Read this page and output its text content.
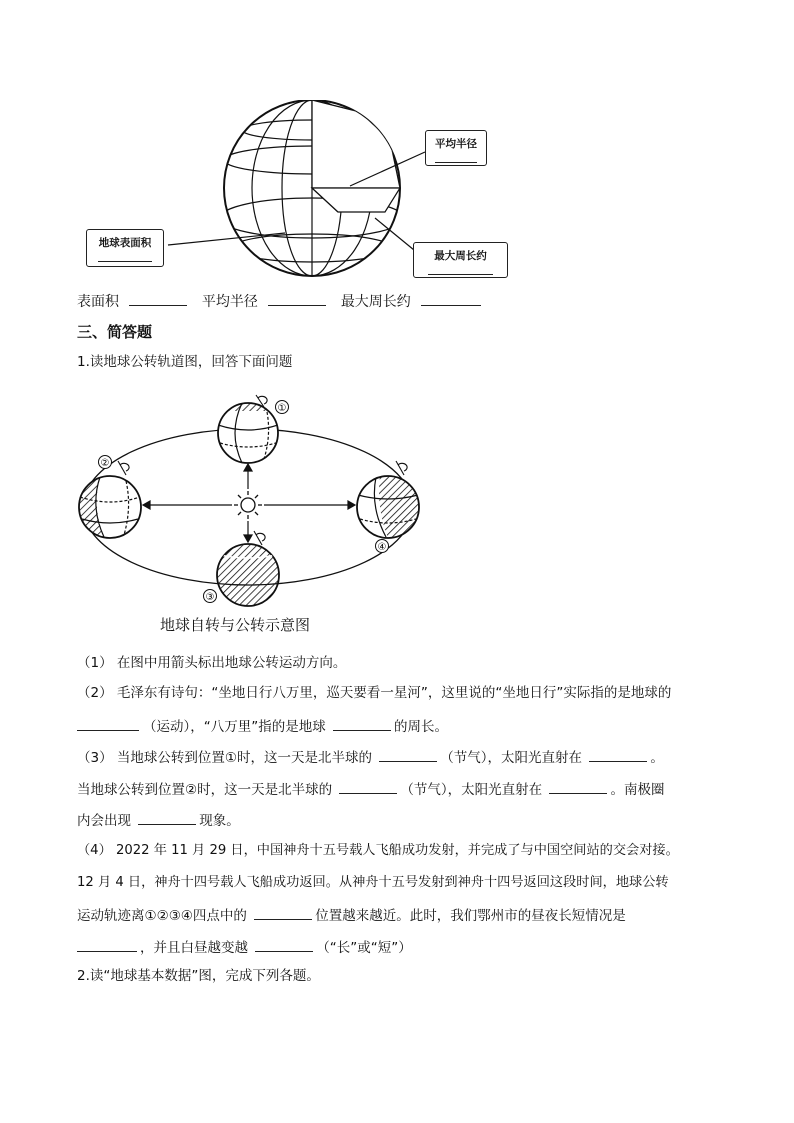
平均半径
地球表面积
最大周长约
表面积	平均半径	最大周长约
三、简答题
1.读地球公转轨道图，回答下面问题
①
②
③
④
地球自转与公转示意图
（1） 在图中用箭头标出地球公转运动方向。
（2） 毛泽东有诗句：“坐地日行八万里，巡天要看一星河”，这里说的“坐地日行”实际指的是地球的
（运动），“八万里”指的是地球	的周长。
（3） 当地球公转到位置①时，这一天是北半球的	（节气），太阳光直射在	。
当地球公转到位置②时，这一天是北半球的	（节气），太阳光直射在	。南极圈
内会出现	现象。
（4） 2022 年 11 月 29 日，中国神舟十五号载人飞船成功发射，并完成了与中国空间站的交会对接。
12 月 4 日，神舟十四号载人飞船成功返回。从神舟十五号发射到神舟十四号返回这段时间，地球公转
运动轨迹离①②③④四点中的	位置越来越近。此时，我们鄂州市的昼夜长短情况是
，并且白昼越变越	（“长”或“短”）
2.读“地球基本数据”图，完成下列各题。
